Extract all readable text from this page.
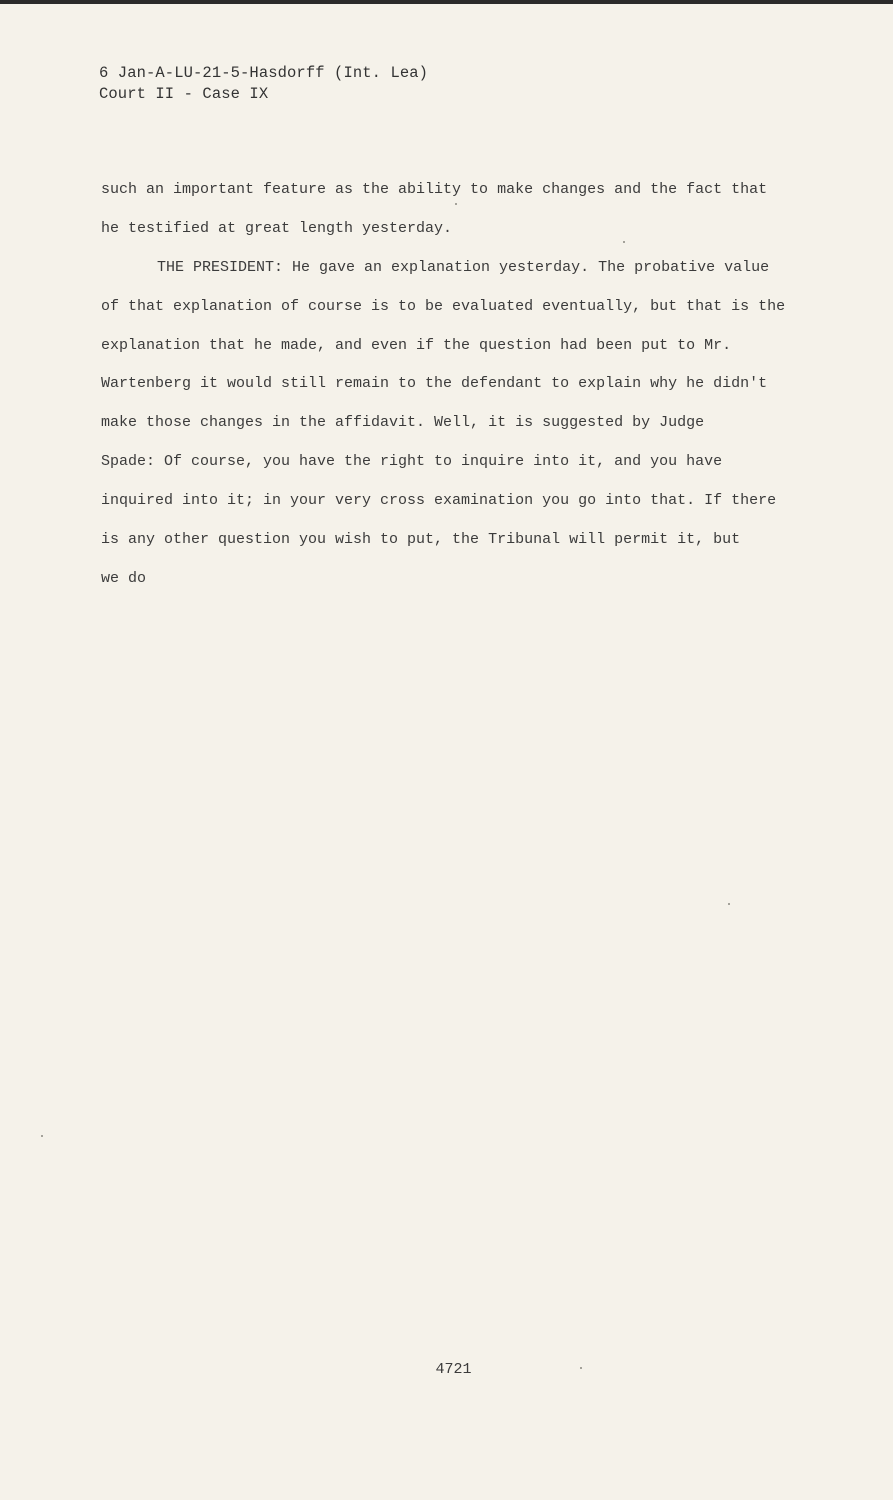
6 Jan-A-LU-21-5-Hasdorff (Int. Lea)
Court II - Case IX
such an important feature as the ability to make changes and the fact that
he testified at great length yesterday.
THE PRESIDENT: He gave an explanation yesterday. The probative value
of that explanation of course is to be evaluated eventually, but that is the
explanation that he made, and even if the question had been put to Mr.
Wartenberg it would still remain to the defendant to explain why he didn't
make those changes in the affidavit. Well, it is suggested by Judge
Spade: Of course, you have the right to inquire into it, and you have
inquired into it; in your very cross examination you go into that. If there
is any other question you wish to put, the Tribunal will permit it, but
we do
4721
